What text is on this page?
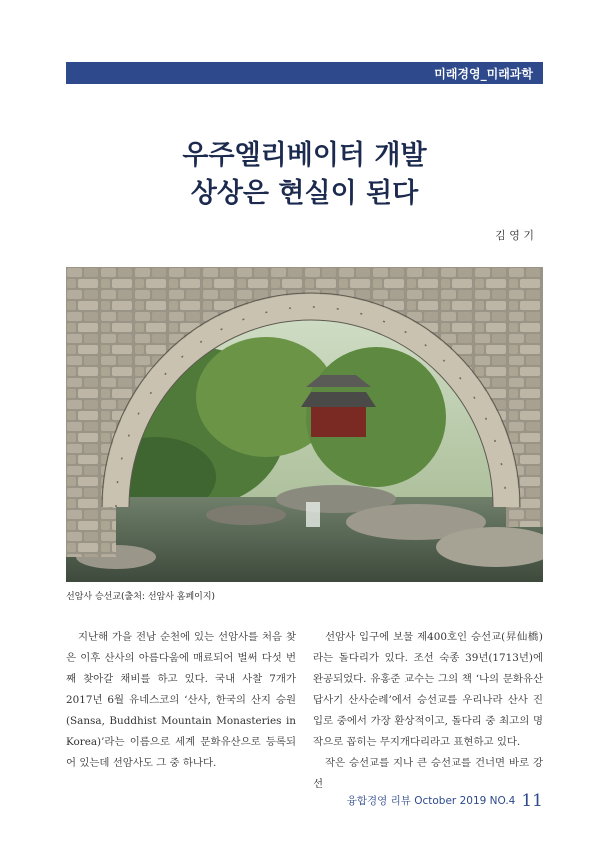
미래경영_미래과학
우주엘리베이터 개발
상상은 현실이 된다
김 영 기
선암사 승선교(출처: 선암사 홈페이지)

지난해 가을 전남 순천에 있는 선암사를 처음 찾은 이후 산사의 아름다움에 매료되어 벌써 다섯 번째 찾아갈 채비를 하고 있다. 국내 사찰 7개가 2017년 6월 유네스코의 ‘산사, 한국의 산지 승원(Sansa, Buddhist Mountain Monasteries in Korea)’라는 이름으로 세계 문화유산으로 등록되어 있는데 선암사도 그 중 하나다.

선암사 입구에 보물 제400호인 승선교(昇仙橋)라는 돌다리가 있다. 조선 숙종 39년(1713년)에 완공되었다. 유홍준 교수는 그의 책 ‘나의 문화유산답사기 산사순례’에서 승선교를 우리나라 산사 진입로 중에서 가장 환상적이고, 돌다리 중 최고의 명작으로 꼽히는 무지개다리라고 표현하고 있다.

작은 승선교를 지나 큰 승선교를 건너면 바로 강선

융합경영 리뷰 October 2019 NO.4 11
